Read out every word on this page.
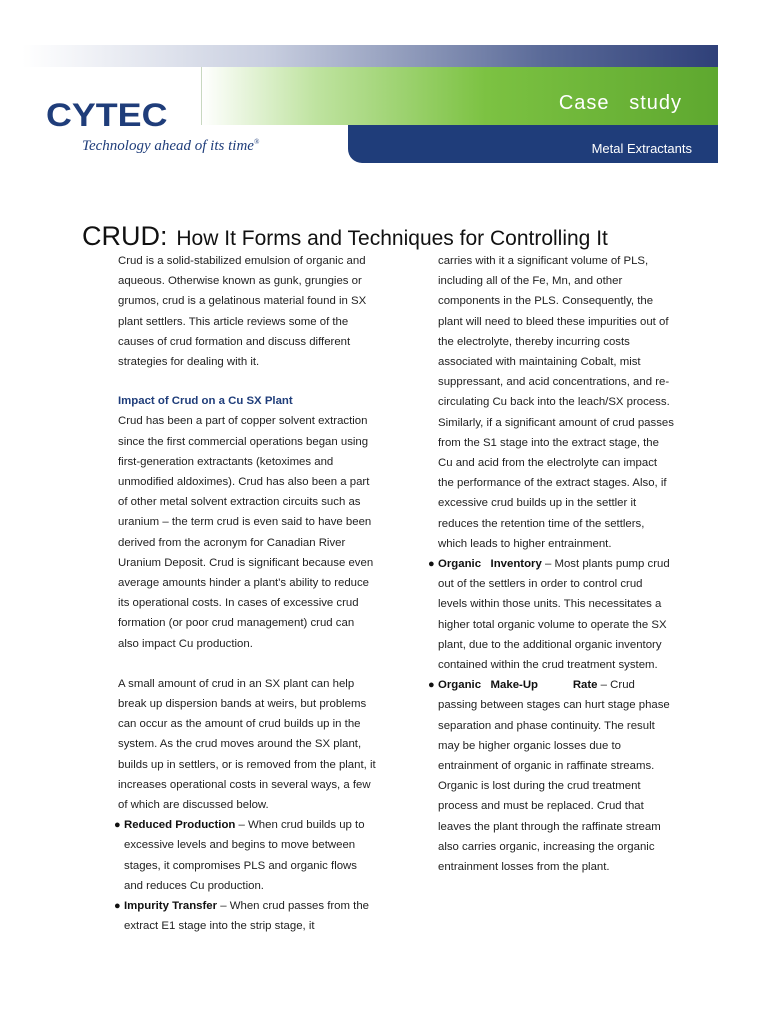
Case   study
Metal Extractants
CYTEC
Technology ahead of its time®
CRUD: How It Forms and Techniques for Controlling It

Crud is a solid-stabilized emulsion of organic and aqueous. Otherwise known as gunk, grungies or grumos, crud is a gelatinous material found in SX plant settlers. This article reviews some of the causes of crud formation and discuss different strategies for dealing with it.

Impact of Crud on a Cu SX Plant

Crud has been a part of copper solvent extraction since the first commercial operations began using first-generation extractants (ketoximes and unmodified aldoximes). Crud has also been a part of other metal solvent extraction circuits such as uranium – the term crud is even said to have been derived from the acronym for Canadian River Uranium Deposit. Crud is significant because even average amounts hinder a plant's ability to reduce its operational costs. In cases of excessive crud formation (or poor crud management) crud can also impact Cu production.

A small amount of crud in an SX plant can help break up dispersion bands at weirs, but problems can occur as the amount of crud builds up in the system. As the crud moves around the SX plant, builds up in settlers, or is removed from the plant, it increases operational costs in several ways, a few of which are discussed below.

● Reduced Production – When crud builds up to excessive levels and begins to move between stages, it compromises PLS and organic flows and reduces Cu production.

● Impurity Transfer – When crud passes from the extract E1 stage into the strip stage, it

carries with it a significant volume of PLS, including all of the Fe, Mn, and other components in the PLS. Consequently, the plant will need to bleed these impurities out of the electrolyte, thereby incurring costs associated with maintaining Cobalt, mist suppressant, and acid concentrations, and re-circulating Cu back into the leach/SX process. Similarly, if a significant amount of crud passes from the S1 stage into the extract stage, the Cu and acid from the electrolyte can impact the performance of the extract stages. Also, if excessive crud builds up in the settler it reduces the retention time of the settlers, which leads to higher entrainment.

● Organic   Inventory – Most plants pump crud out of the settlers in order to control crud levels within those units. This necessitates a higher total organic volume to operate the SX plant, due to the additional organic inventory contained within the crud treatment system.

● Organic   Make-Up           Rate – Crud passing between stages can hurt stage phase separation and phase continuity. The result may be higher organic losses due to entrainment of organic in raffinate streams. Organic is lost during the crud treatment process and must be replaced. Crud that leaves the plant through the raffinate stream also carries organic, increasing the organic entrainment losses from the plant.
